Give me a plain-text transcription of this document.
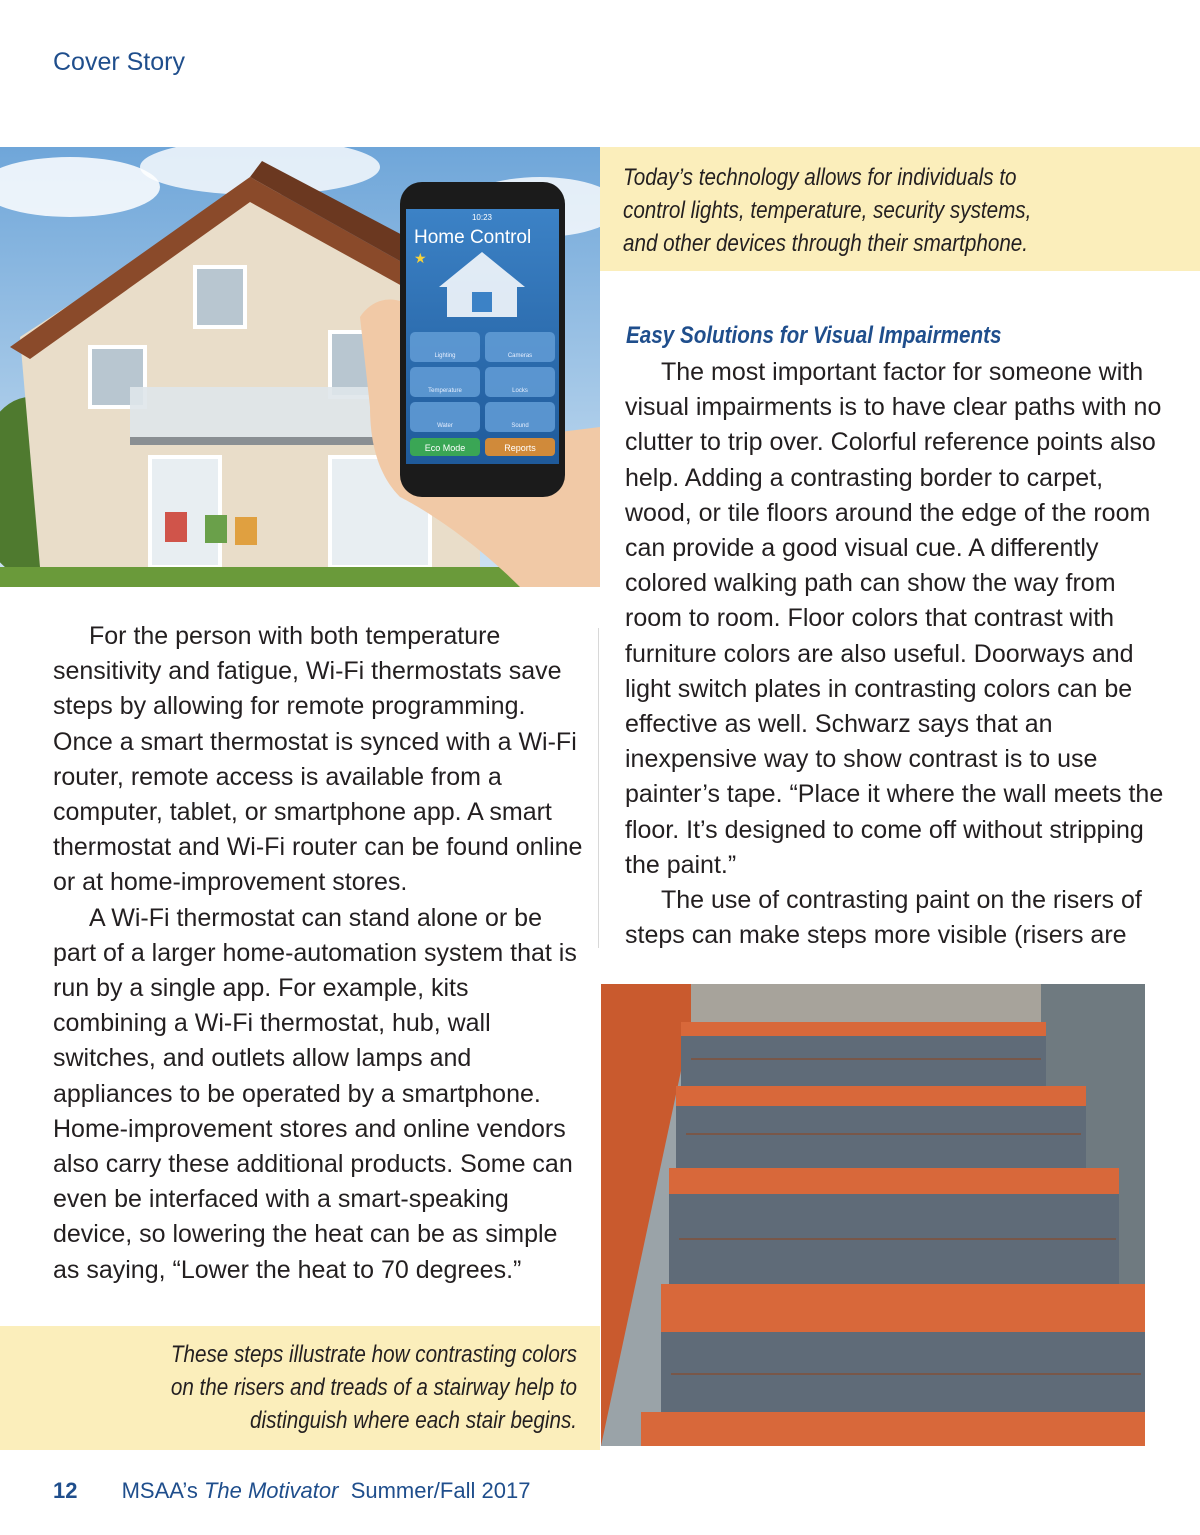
Cover Story
10:23
Home Control
★
Lighting	Cameras
Temperature	Locks
Water	Sound
Eco Mode	Reports

Today’s technology allows for individuals to
control lights, temperature, security systems,
and other devices through their smartphone.

Easy Solutions for Visual Impairments

The most important factor for someone with visual impairments is to have clear paths with no clutter to trip over. Colorful reference points also help. Adding a contrasting border to carpet, wood, or tile floors around the edge of the room can provide a good visual cue. A differently colored walking path can show the way from room to room. Floor colors that contrast with furniture colors are also useful. Doorways and light switch plates in contrasting colors can be effective as well. Schwarz says that an inexpensive way to show contrast is to use painter’s tape. “Place it where the wall meets the floor. It’s designed to come off without stripping the paint.”

The use of contrasting paint on the risers of steps can make steps more visible (risers are

For the person with both temperature sensitivity and fatigue, Wi-Fi thermostats save steps by allowing for remote programming. Once a smart thermostat is synced with a Wi-Fi router, remote access is available from a computer, tablet, or smartphone app. A smart thermostat and Wi-Fi router can be found online or at home-improvement stores.

A Wi-Fi thermostat can stand alone or be part of a larger home-automation system that is run by a single app. For example, kits combining a Wi-Fi thermostat, hub, wall switches, and outlets allow lamps and appliances to be operated by a smartphone. Home-improvement stores and online vendors also carry these additional products. Some can even be interfaced with a smart-speaking device, so lowering the heat can be as simple as saying, “Lower the heat to 70 degrees.”

These steps illustrate how contrasting colors
on the risers and treads of a stairway help to
distinguish where each stair begins.

12 MSAA’s The Motivator Summer/Fall 2017
